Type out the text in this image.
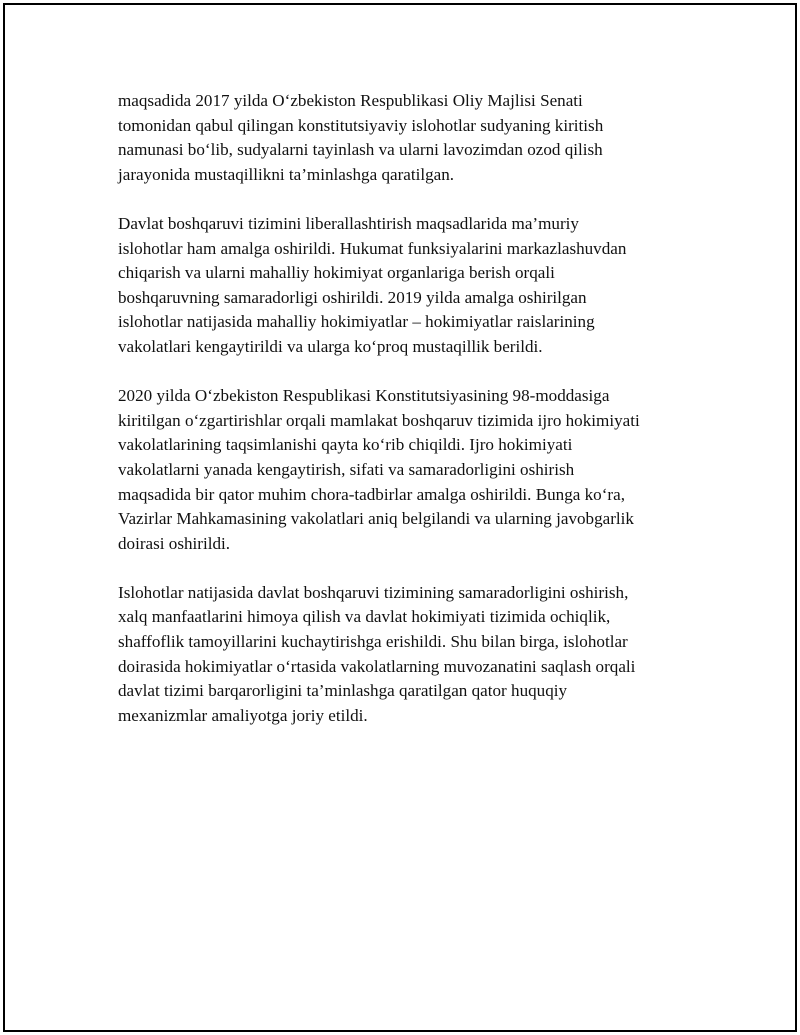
maqsadida 2017 yilda O‘zbekiston Respublikasi Oliy Majlisi Senati
tomonidan qabul qilingan konstitutsiyaviy islohotlar sudyaning kiritish
namunasi bo‘lib, sudyalarni tayinlash va ularni lavozimdan ozod qilish
jarayonida mustaqillikni ta’minlashga qaratilgan.

Davlat boshqaruvi tizimini liberallashtirish maqsadlarida ma’muriy
islohotlar ham amalga oshirildi. Hukumat funksiyalarini markazlashuvdan
chiqarish va ularni mahalliy hokimiyat organlariga berish orqali
boshqaruvning samaradorligi oshirildi. 2019 yilda amalga oshirilgan
islohotlar natijasida mahalliy hokimiyatlar – hokimiyatlar raislarining
vakolatlari kengaytirildi va ularga ko‘proq mustaqillik berildi.

2020 yilda O‘zbekiston Respublikasi Konstitutsiyasining 98-moddasiga
kiritilgan o‘zgartirishlar orqali mamlakat boshqaruv tizimida ijro hokimiyati
vakolatlarining taqsimlanishi qayta ko‘rib chiqildi. Ijro hokimiyati
vakolatlarni yanada kengaytirish, sifati va samaradorligini oshirish
maqsadida bir qator muhim chora-tadbirlar amalga oshirildi. Bunga ko‘ra,
Vazirlar Mahkamasining vakolatlari aniq belgilandi va ularning javobgarlik
doirasi oshirildi.

Islohotlar natijasida davlat boshqaruvi tizimining samaradorligini oshirish,
xalq manfaatlarini himoya qilish va davlat hokimiyati tizimida ochiqlik,
shaffoflik tamoyillarini kuchaytirishga erishildi. Shu bilan birga, islohotlar
doirasida hokimiyatlar o‘rtasida vakolatlarning muvozanatini saqlash orqali
davlat tizimi barqarorligini ta’minlashga qaratilgan qator huquqiy
mexanizmlar amaliyotga joriy etildi.
